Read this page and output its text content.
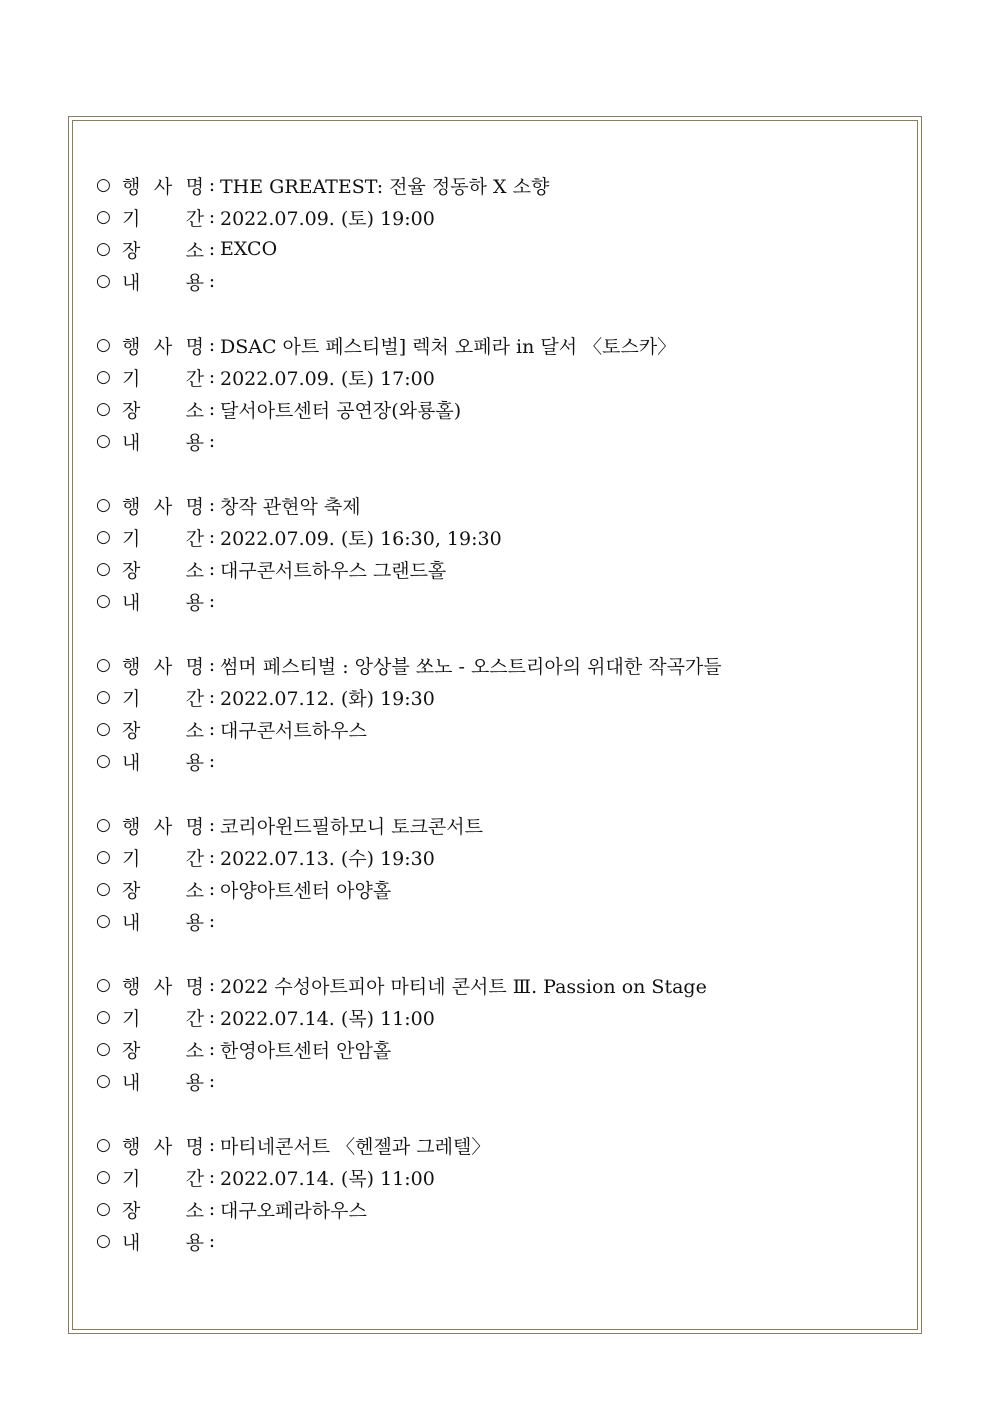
○ 행 사 명 : THE GREATEST: 전율 정동하 X 소향
○ 기 간 : 2022.07.09. (토) 19:00
○ 장 소 : EXCO
○ 내 용 :
○ 행 사 명 : DSAC 아트 페스티벌] 렉처 오페라 in 달서 〈토스카〉
○ 기 간 : 2022.07.09. (토) 17:00
○ 장 소 : 달서아트센터 공연장(와룡홀)
○ 내 용 :
○ 행 사 명 : 창작 관현악 축제
○ 기 간 : 2022.07.09. (토) 16:30, 19:30
○ 장 소 : 대구콘서트하우스 그랜드홀
○ 내 용 :
○ 행 사 명 : 썸머 페스티벌 : 앙상블 쏘노 - 오스트리아의 위대한 작곡가들
○ 기 간 : 2022.07.12. (화) 19:30
○ 장 소 : 대구콘서트하우스
○ 내 용 :
○ 행 사 명 : 코리아윈드필하모니 토크콘서트
○ 기 간 : 2022.07.13. (수) 19:30
○ 장 소 : 아양아트센터 아양홀
○ 내 용 :
○ 행 사 명 : 2022 수성아트피아 마티네 콘서트 Ⅲ. Passion on Stage
○ 기 간 : 2022.07.14. (목) 11:00
○ 장 소 : 한영아트센터 안암홀
○ 내 용 :
○ 행 사 명 : 마티네콘서트 〈헨젤과 그레텔〉
○ 기 간 : 2022.07.14. (목) 11:00
○ 장 소 : 대구오페라하우스
○ 내 용 :
